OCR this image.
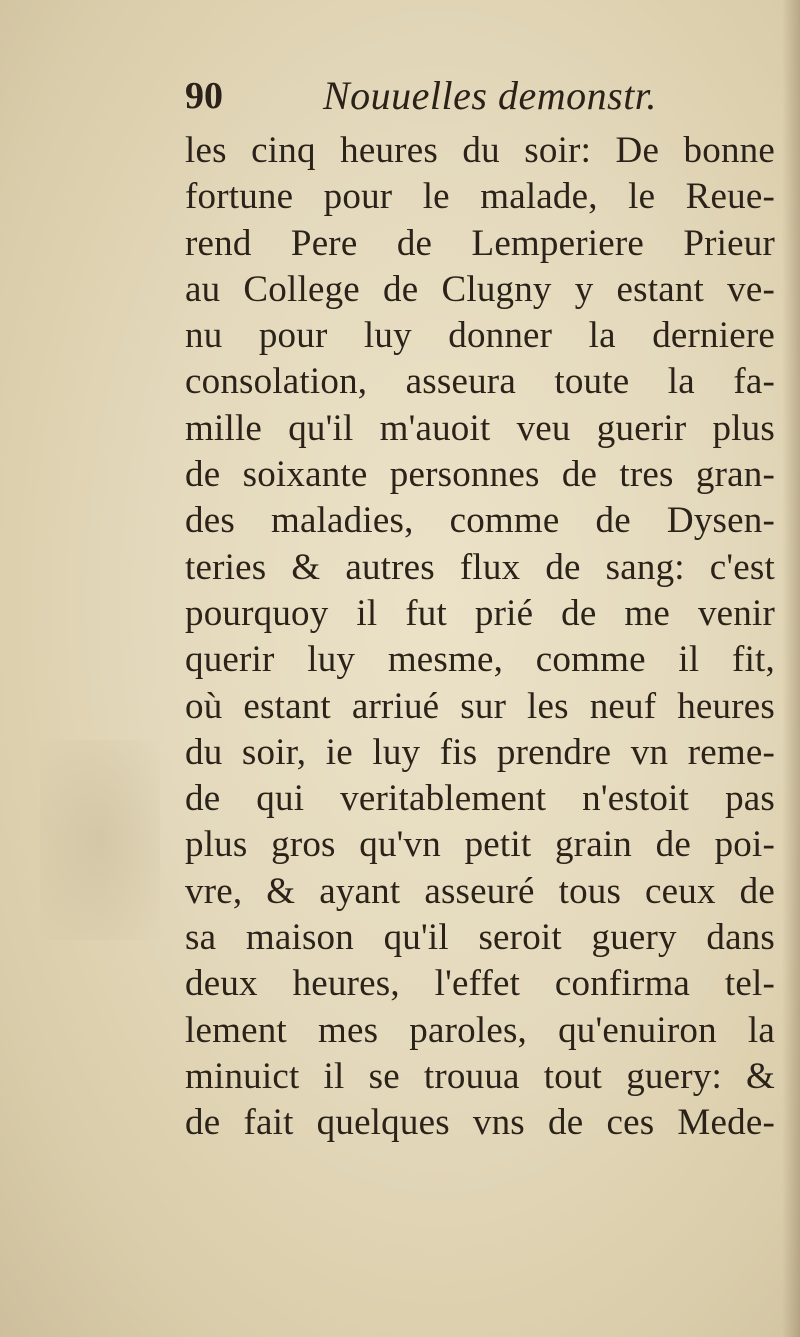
90	Nouuelles demonstr.
les cinq heures du soir: De bonne
fortune pour le malade, le Reue-
rend Pere de Lemperiere Prieur
au College de Clugny y estant ve-
nu pour luy donner la derniere
consolation, asseura toute la fa-
mille qu'il m'auoit veu guerir plus
de soixante personnes de tres gran-
des maladies, comme de Dysen-
teries & autres flux de sang: c'est
pourquoy il fut prié de me venir
querir luy mesme, comme il fit,
où estant arriué sur les neuf heures
du soir, ie luy fis prendre vn reme-
de qui veritablement n'estoit pas
plus gros qu'vn petit grain de poi-
vre, & ayant asseuré tous ceux de
sa maison qu'il seroit guery dans
deux heures, l'effet confirma tel-
lement mes paroles, qu'enuiron la
minuict il se trouua tout guery: &
de fait quelques vns de ces Mede-
